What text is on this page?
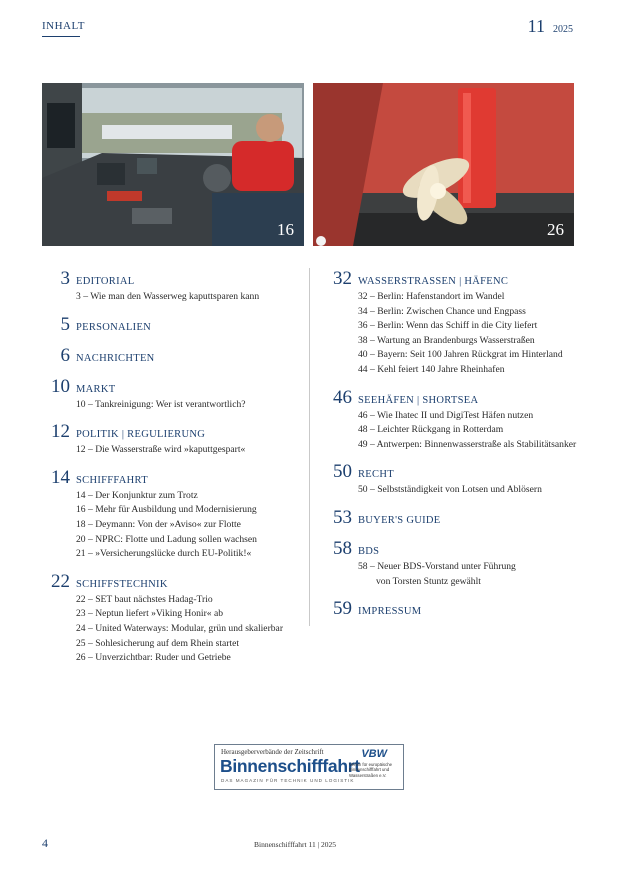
INHALT	11 2025
16	26
3 EDITORIAL
3 – Wie man den Wasserweg kaputtsparen kann
5 PERSONALIEN
6 NACHRICHTEN
10 MARKT
10 – Tankreinigung: Wer ist verantwortlich?
12 POLITIK | REGULIERUNG
12 – Die Wasserstraße wird »kaputtgespart«
14 SCHIFFFAHRT
14 – Der Konjunktur zum Trotz
16 – Mehr für Ausbildung und Modernisierung
18 – Deymann: Von der »Aviso« zur Flotte
20 – NPRC: Flotte und Ladung sollen wachsen
21 – »Versicherungslücke durch EU-Politik!«
22 SCHIFFSTECHNIK
22 – SET baut nächstes Hadag-Trio
23 – Neptun liefert »Viking Honir« ab
24 – United Waterways: Modular, grün und skalierbar
25 – Sohlesicherung auf dem Rhein startet
26 – Unverzichtbar: Ruder und Getriebe
32 WASSERSTRASSEN | HÄFENC
32 – Berlin: Hafenstandort im Wandel
34 – Berlin: Zwischen Chance und Engpass
36 – Berlin: Wenn das Schiff in die City liefert
38 – Wartung an Brandenburgs Wasserstraßen
40 – Bayern: Seit 100 Jahren Rückgrat im Hinterland
44 – Kehl feiert 140 Jahre Rheinhafen
46 SEEHÄFEN | SHORTSEA
46 – Wie Ihatec II und DigiTest Häfen nutzen
48 – Leichter Rückgang in Rotterdam
49 – Antwerpen: Binnenwasserstraße als Stabilitätsanker
50 RECHT
50 – Selbstständigkeit von Lotsen und Ablösern
53 BUYER'S GUIDE
58 BDS
58 – Neuer BDS-Vorstand unter Führung
von Torsten Stuntz gewählt
59 IMPRESSUM
Herausgeberverbände der Zeitschrift
Binnenschifffahrt
DAS MAGAZIN FÜR TECHNIK UND LOGISTIK
VBW
Verein für europäische Binnenschifffahrt und Wasserstraßen e.V.
4	Binnenschifffahrt 11 | 2025
